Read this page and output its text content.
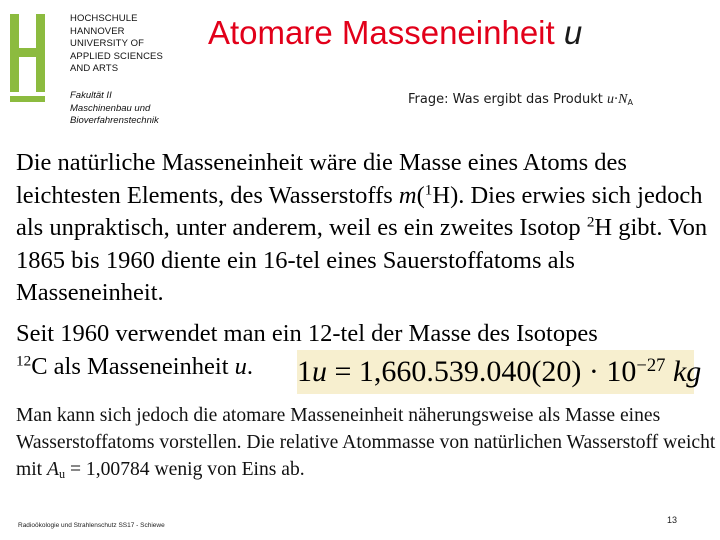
HOCHSCHULE
HANNOVER
UNIVERSITY OF
APPLIED SCIENCES
AND ARTS
Fakultät II
Maschinenbau und
Bioverfahrenstechnik
Atomare Masseneinheit u
Frage: Was ergibt das Produkt $u\cdot N_A$
Die natürliche Masseneinheit wäre die Masse eines Atoms des leichtesten Elements, des Wasserstoffs m($^1$H). Dies erwies sich jedoch als unpraktisch, unter anderem, weil es ein zweites Isotop $^2$H gibt. Von 1865 bis 1960 diente ein 16-tel eines Sauerstoffatoms als Masseneinheit.
Seit 1960 verwendet man ein 12-tel der Masse des Isotopes
$^{12}$C als Masseneinheit u.	$1u = 1,660.539.040(20) \cdot 10^{-27}$ kg
Man kann sich jedoch die atomare Masseneinheit näherungsweise als Masse eines Wasserstoffatoms vorstellen. Die relative Atommasse von natürlichen Wasserstoff weicht mit $A_u = 1,00784$ wenig von Eins ab.
Radioökologie und Strahlenschutz SS17 - Schiewe
13
